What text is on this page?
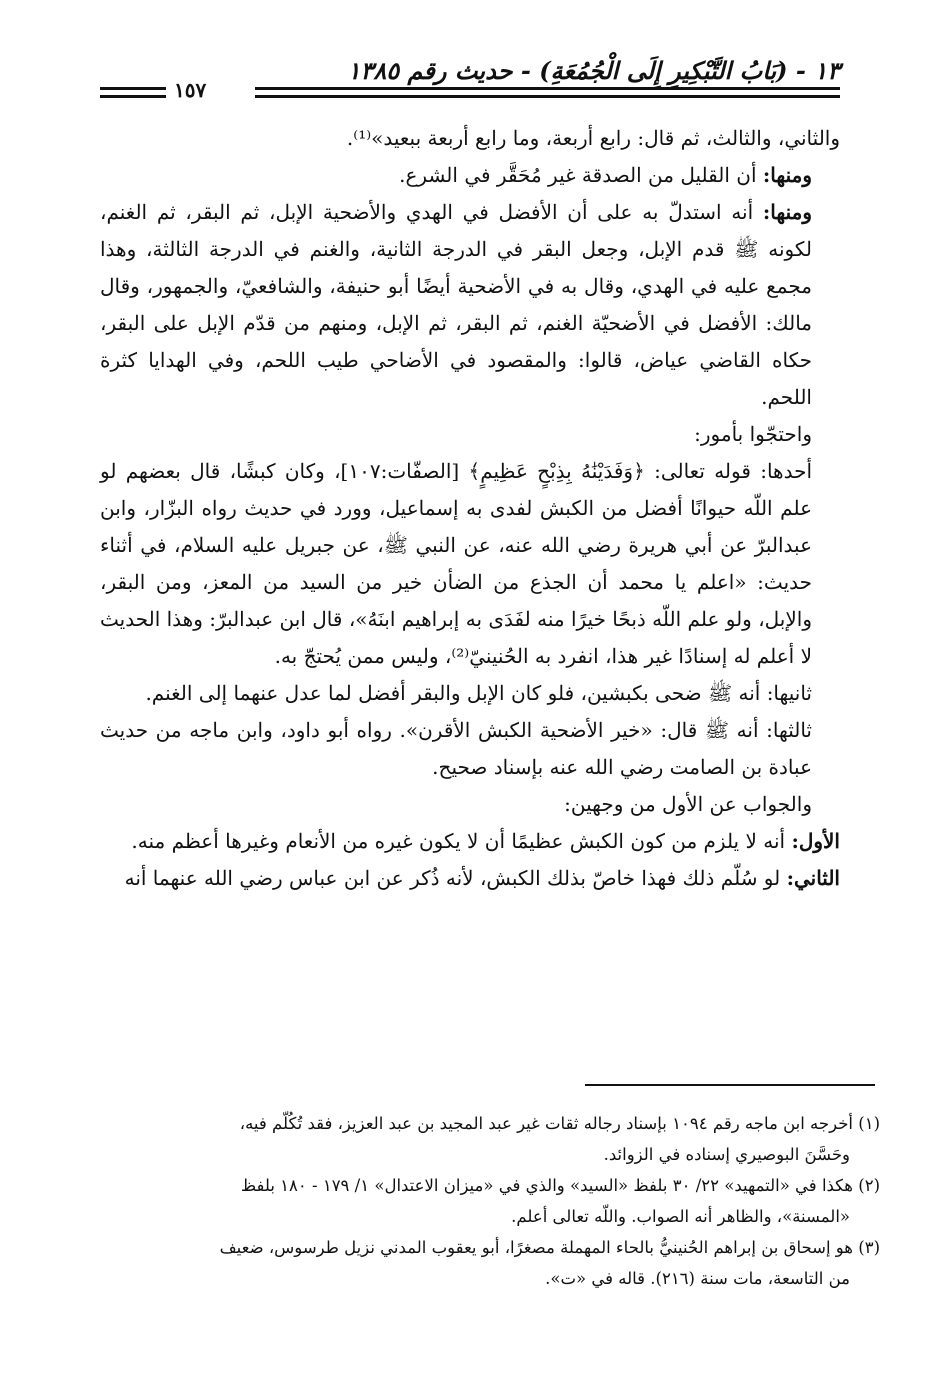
١٣ - (بَابُ التَّبْكِيرِ إِلَى الْجُمُعَةِ) - حديث رقم ١٣٨٥
١٥٧

والثاني، والثالث، ثم قال: رابع أربعة، وما رابع أربعة ببعيد»⁽¹⁾.

ومنها: أن القليل من الصدقة غير مُحَقَّر في الشرع.

ومنها: أنه استدلّ به على أن الأفضل في الهدي والأضحية الإبل، ثم البقر، ثم الغنم، لكونه ﷺ قدم الإبل، وجعل البقر في الدرجة الثانية، والغنم في الدرجة الثالثة، وهذا مجمع عليه في الهدي، وقال به في الأضحية أيضًا أبو حنيفة، والشافعيّ، والجمهور، وقال مالك: الأفضل في الأضحيّة الغنم، ثم البقر، ثم الإبل، ومنهم من قدّم الإبل على البقر، حكاه القاضي عياض، قالوا: والمقصود في الأضاحي طيب اللحم، وفي الهدايا كثرة اللحم.

واحتجّوا بأمور:

أحدها: قوله تعالى: ﴿وَفَدَيْنَٰهُ بِذِبْحٍ عَظِيمٍ﴾ [الصفّات:١٠٧]، وكان كبشًا، قال بعضهم لو علم اللّه حيوانًا أفضل من الكبش لفدى به إسماعيل، وورد في حديث رواه البزّار، وابن عبدالبرّ عن أبي هريرة رضي الله عنه، عن النبي ﷺ، عن جبريل عليه السلام، في أثناء حديث: «اعلم يا محمد أن الجذع من الضأن خير من السيد من المعز، ومن البقر، والإبل، ولو علم اللّه ذبحًا خيرًا منه لفَدَى به إبراهيم ابنَهُ»، قال ابن عبدالبرّ: وهذا الحديث لا أعلم له إسنادًا غير هذا، انفرد به الحُنينيّ⁽²⁾، وليس ممن يُحتجّ به.

ثانيها: أنه ﷺ ضحى بكبشين، فلو كان الإبل والبقر أفضل لما عدل عنهما إلى الغنم.

ثالثها: أنه ﷺ قال: «خير الأضحية الكبش الأقرن». رواه أبو داود، وابن ماجه من حديث عبادة بن الصامت رضي الله عنه بإسناد صحيح.

والجواب عن الأول من وجهين:

الأول: أنه لا يلزم من كون الكبش عظيمًا أن لا يكون غيره من الأنعام وغيرها أعظم منه.

الثاني: لو سُلّم ذلك فهذا خاصّ بذلك الكبش، لأنه ذُكر عن ابن عباس رضي الله عنهما أنه

(١) أخرجه ابن ماجه رقم ١٠٩٤ بإسناد رجاله ثقات غير عبد المجيد بن عبد العزيز، فقد تُكُلّم فيه،

وحَسَّنَ البوصيري إسناده في الزوائد.

(٢) هكذا في «التمهيد» ٢٢/ ٣٠ بلفظ «السيد» والذي في «ميزان الاعتدال» ١/ ١٧٩ - ١٨٠ بلفظ

«المسنة»، والظاهر أنه الصواب. واللّه تعالى أعلم.

(٣) هو إسحاق بن إبراهم الحُنينيُّ بالحاء المهملة مصغرًا، أبو يعقوب المدني نزيل طرسوس، ضعيف

من التاسعة، مات سنة (٢١٦). قاله في «ت».
